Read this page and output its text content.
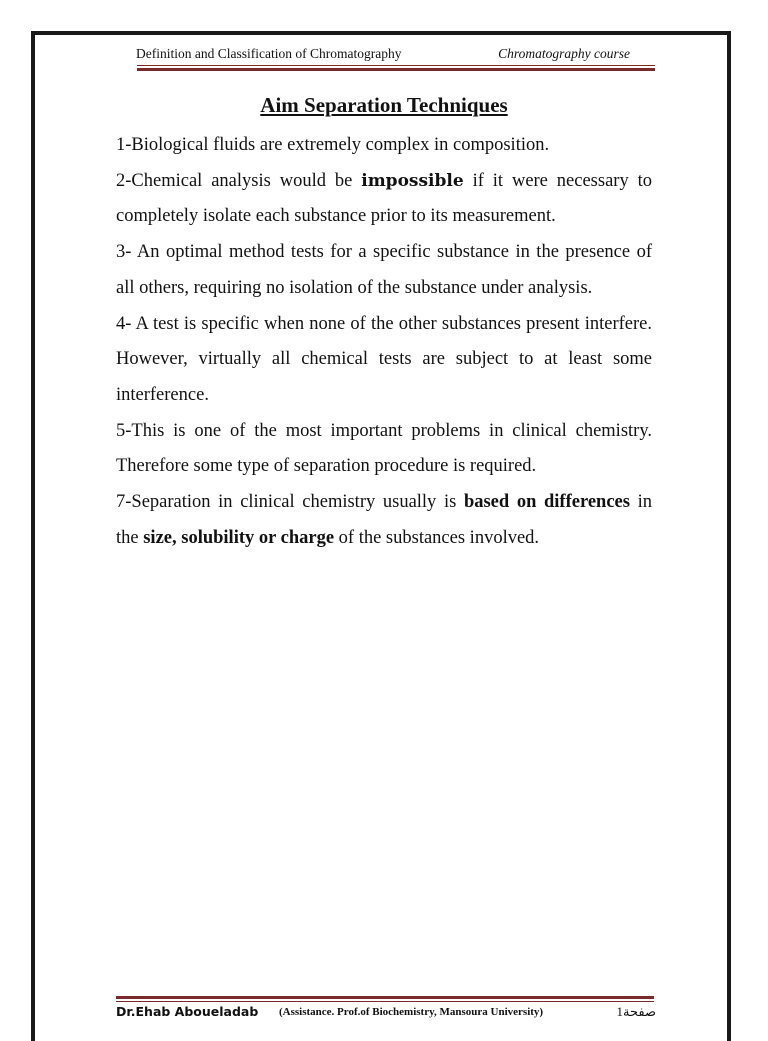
Definition and Classification of Chromatography	Chromatography course
Aim Separation Techniques

1-Biological fluids are extremely complex in composition.

2-Chemical analysis would be impossible if it were necessary to completely isolate each substance prior to its measurement.

3- An optimal method tests for a specific substance in the presence of all others, requiring no isolation of the substance under analysis.

4- A test is specific when none of the other substances present interfere. However, virtually all chemical tests are subject to at least some interference.

5-This is one of the most important problems in clinical chemistry. Therefore some type of separation procedure is required.

7-Separation in clinical chemistry usually is based on differences in the size, solubility or charge of the substances involved.

Dr.Ehab Aboueladab (Assistance. Prof.of Biochemistry, Mansoura University)	صفحة1
